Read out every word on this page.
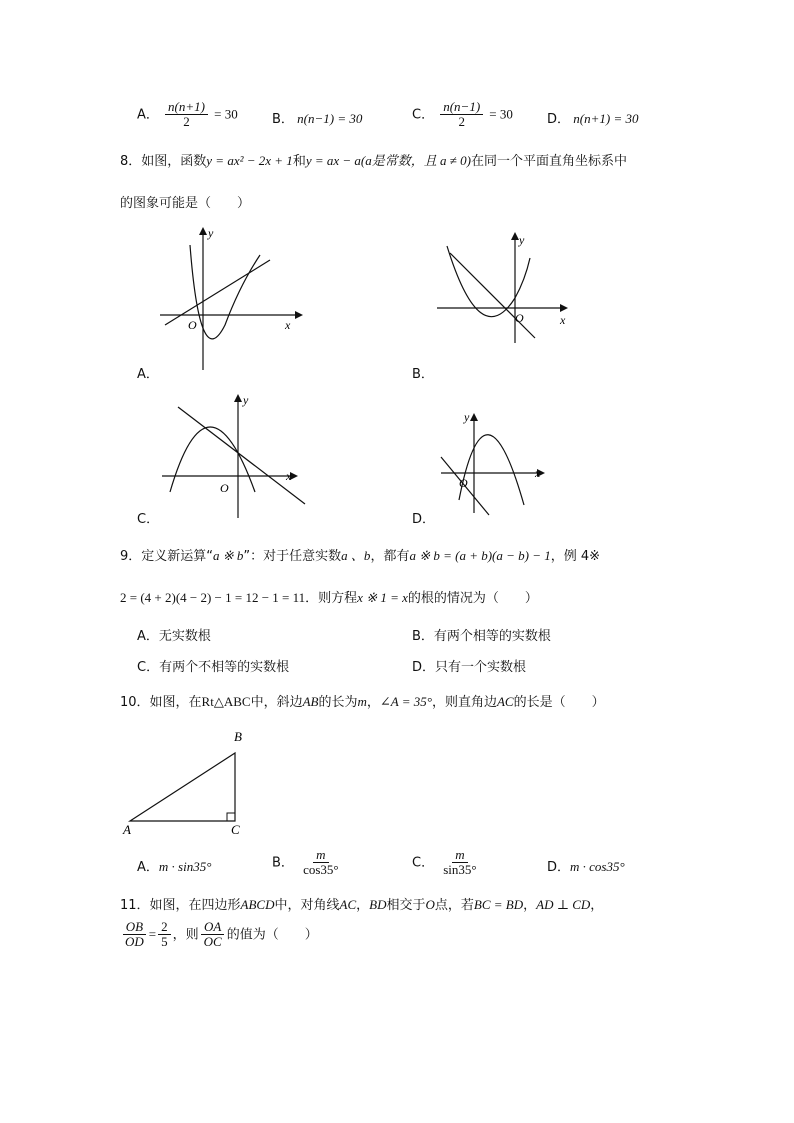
A． $\frac{n(n+1)}{2} = 30$	B． n(n−1) = 30	C． $\frac{n(n-1)}{2} = 30$	D． n(n+1) = 30
8．如图，函数y = ax² − 2x + 1和y = ax − a(a是常数，且 a ≠ 0)在同一个平面直角坐标系中
的图象可能是（　　）
y
x
O
A．
y
x
O
B．
y
x
O
C．
y
x
O
D．
9．定义新运算“a ※ b”：对于任意实数a 、b，都有a ※ b = (a + b)(a − b) − 1，例 4※
2 = (4 + 2)(4 − 2) − 1 = 12 − 1 = 11．则方程x ※ 1 = x的根的情况为（　　）
A．无实数根	B．有两个相等的实数根
C．有两个不相等的实数根	D．只有一个实数根
10．如图，在Rt△ABC中，斜边AB的长为m，∠A = 35°，则直角边AC的长是（　　）
B
A	C
A．m · sin35°	B． $\frac{m}{\cos 35^\circ}$	C． $\frac{m}{\sin 35^\circ}$	D．m · cos35°
11．如图，在四边形ABCD中，对角线AC，BD相交于O点，若BC = BD，AD ⊥ CD，
$\frac{OB}{OD} = \frac{2}{5}$ ，则 $\frac{OA}{OC}$ 的值为（　　）
